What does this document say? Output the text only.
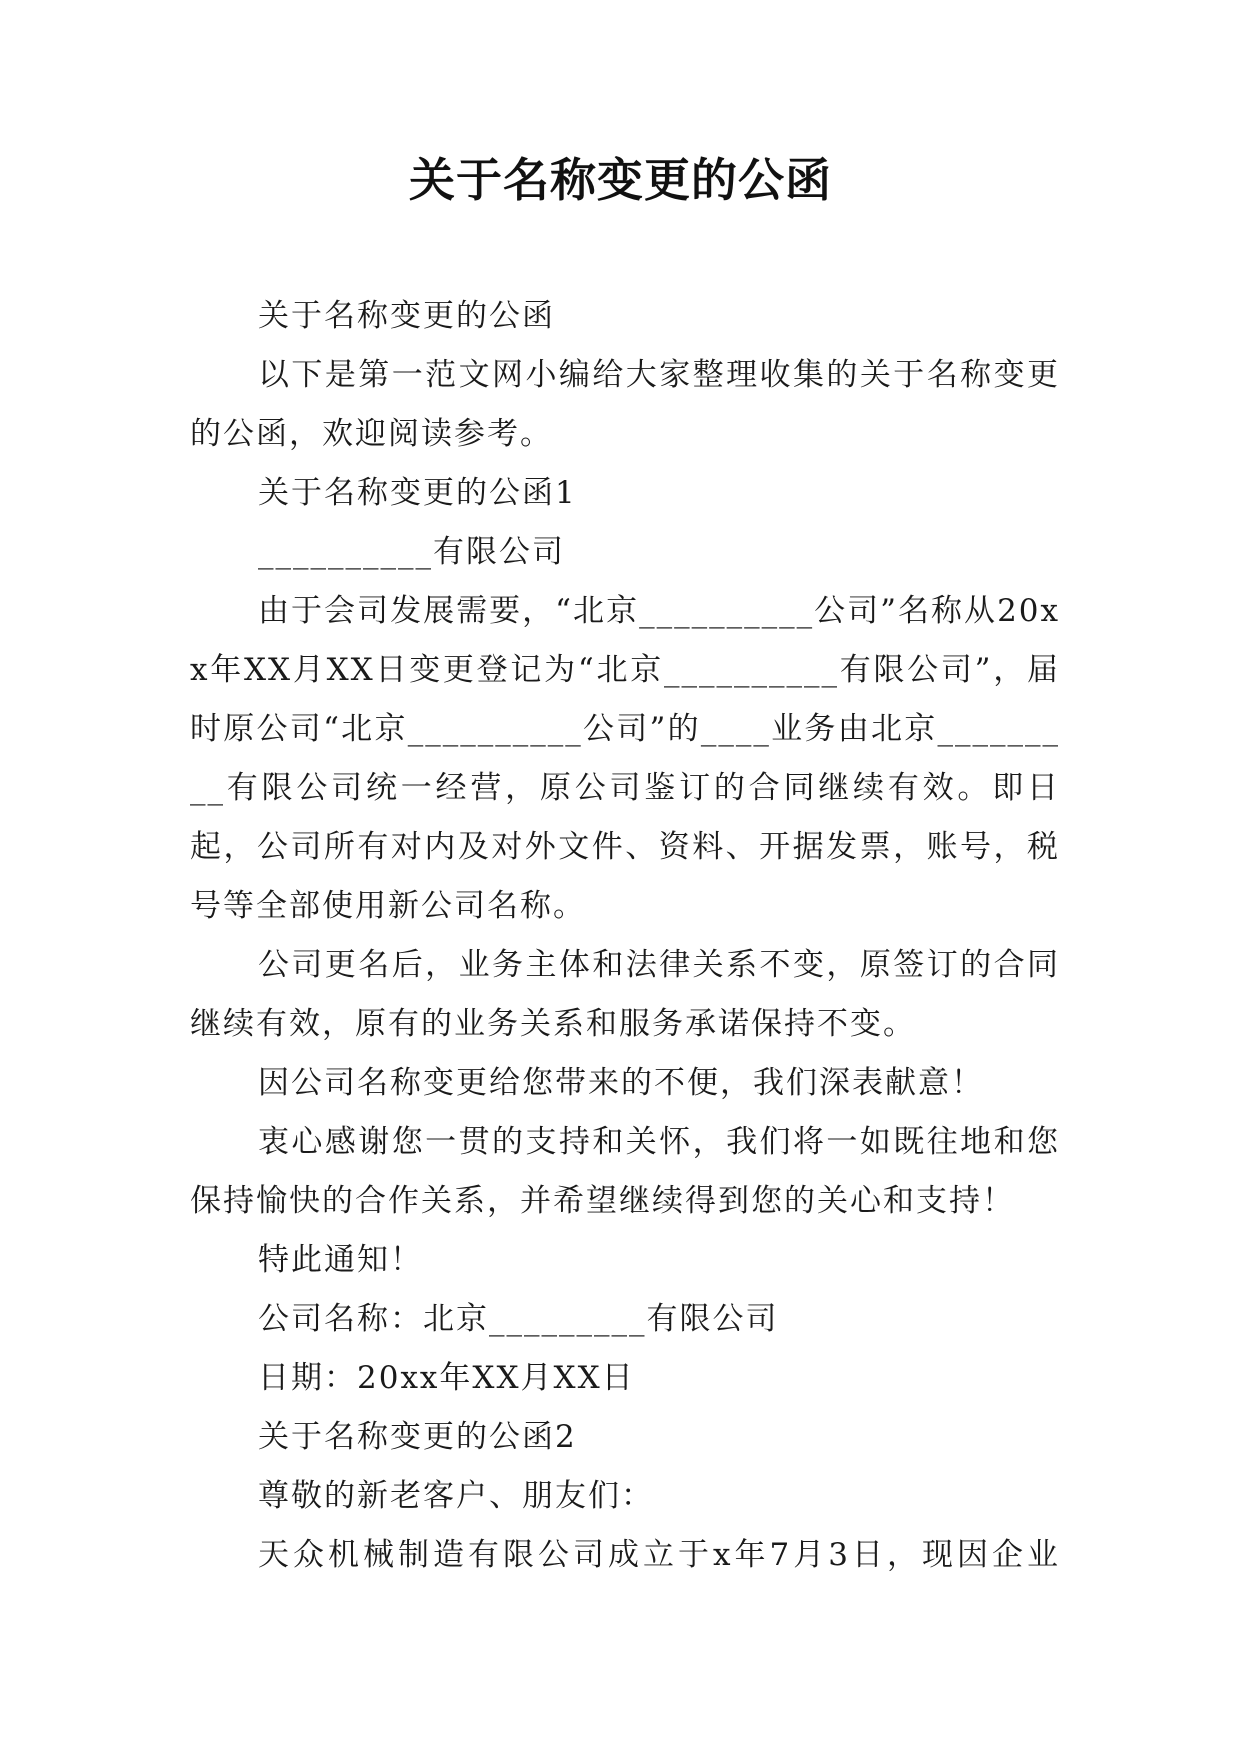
关于名称变更的公函

关于名称变更的公函

以下是第一范文网小编给大家整理收集的关于名称变更的公函，欢迎阅读参考。

关于名称变更的公函1

__________有限公司

由于会司发展需要，“北京__________公司”名称从20xx年XX月XX日变更登记为“北京__________有限公司”，届时原公司“北京__________公司”的____业务由北京_________有限公司统一经营，原公司鉴订的合同继续有效。即日起，公司所有对内及对外文件、资料、开据发票，账号，税号等全部使用新公司名称。

公司更名后，业务主体和法律关系不变，原签订的合同继续有效，原有的业务关系和服务承诺保持不变。

因公司名称变更给您带来的不便，我们深表献意！

衷心感谢您一贯的支持和关怀，我们将一如既往地和您保持愉快的合作关系，并希望继续得到您的关心和支持！

特此通知！

公司名称：北京_________有限公司

日期：20xx年XX月XX日

关于名称变更的公函2

尊敬的新老客户、朋友们：

天众机械制造有限公司成立于x年7月3日，现因企业
